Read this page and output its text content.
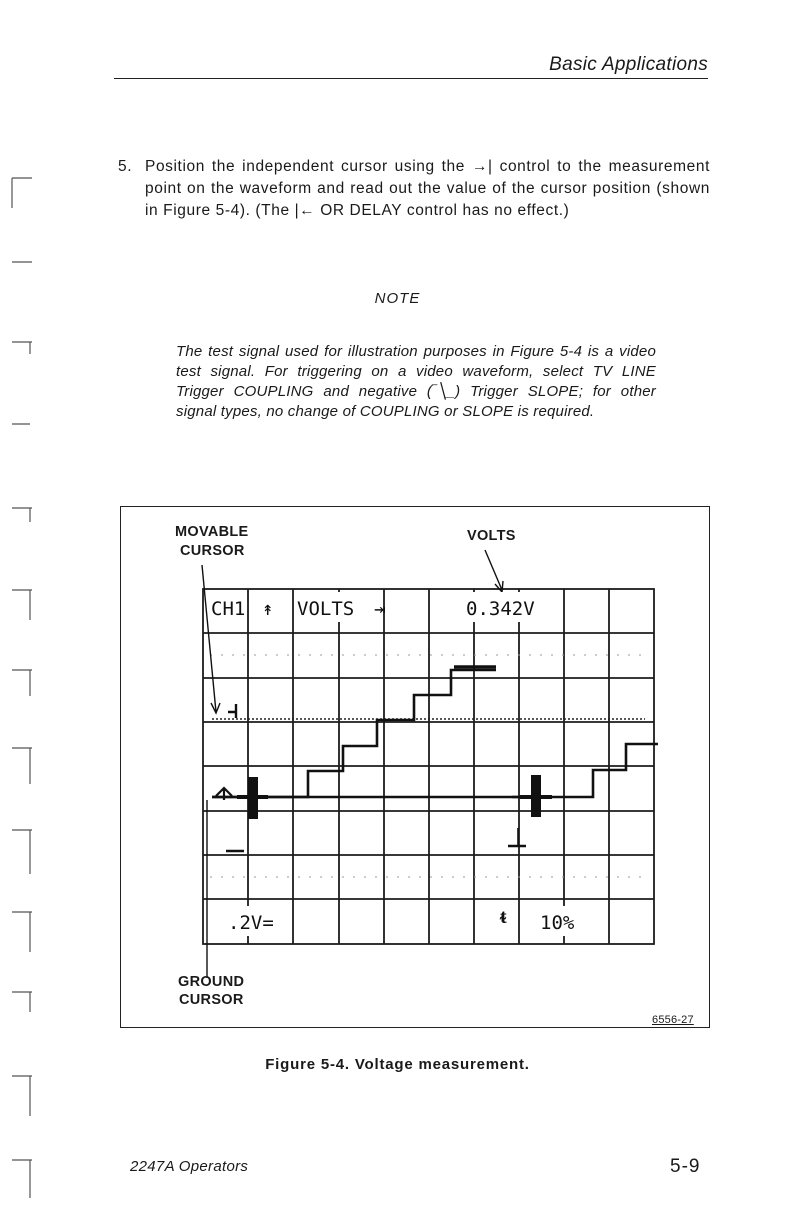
Basic Applications
5. Position the independent cursor using the →| control to the measurement point on the waveform and read out the value of the cursor position (shown in Figure 5-4). (The |← OR DELAY control has no effect.)
NOTE
The test signal used for illustration purposes in Figure 5-4 is a video test signal. For triggering on a video waveform, select TV LINE Trigger COUPLING and negative (‾╲_) Trigger SLOPE; for other signal types, no change of COUPLING or SLOPE is required.
CH1 ↟ VOLTS ⇥	0.342V
.2V=	ᵵ 10%
MOVABLE
CURSOR
VOLTS
GROUND
CURSOR
6556-27
Figure 5-4. Voltage measurement.
2247A Operators	5-9
